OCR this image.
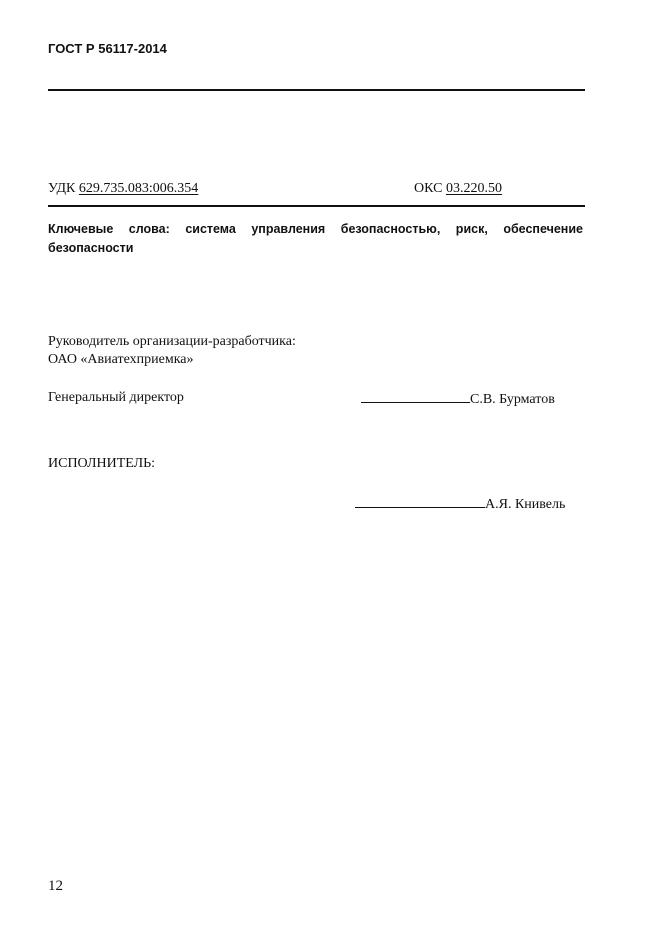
ГОСТ Р 56117-2014
УДК 629.735.083:006.354	ОКС 03.220.50
Ключевые слова: система управления безопасностью, риск, обеспечение безопасности
Руководитель организации-разработчика:
ОАО «Авиатехприемка»
Генеральный директор	С.В. Бурматов
ИСПОЛНИТЕЛЬ:
А.Я. Книвель
12
